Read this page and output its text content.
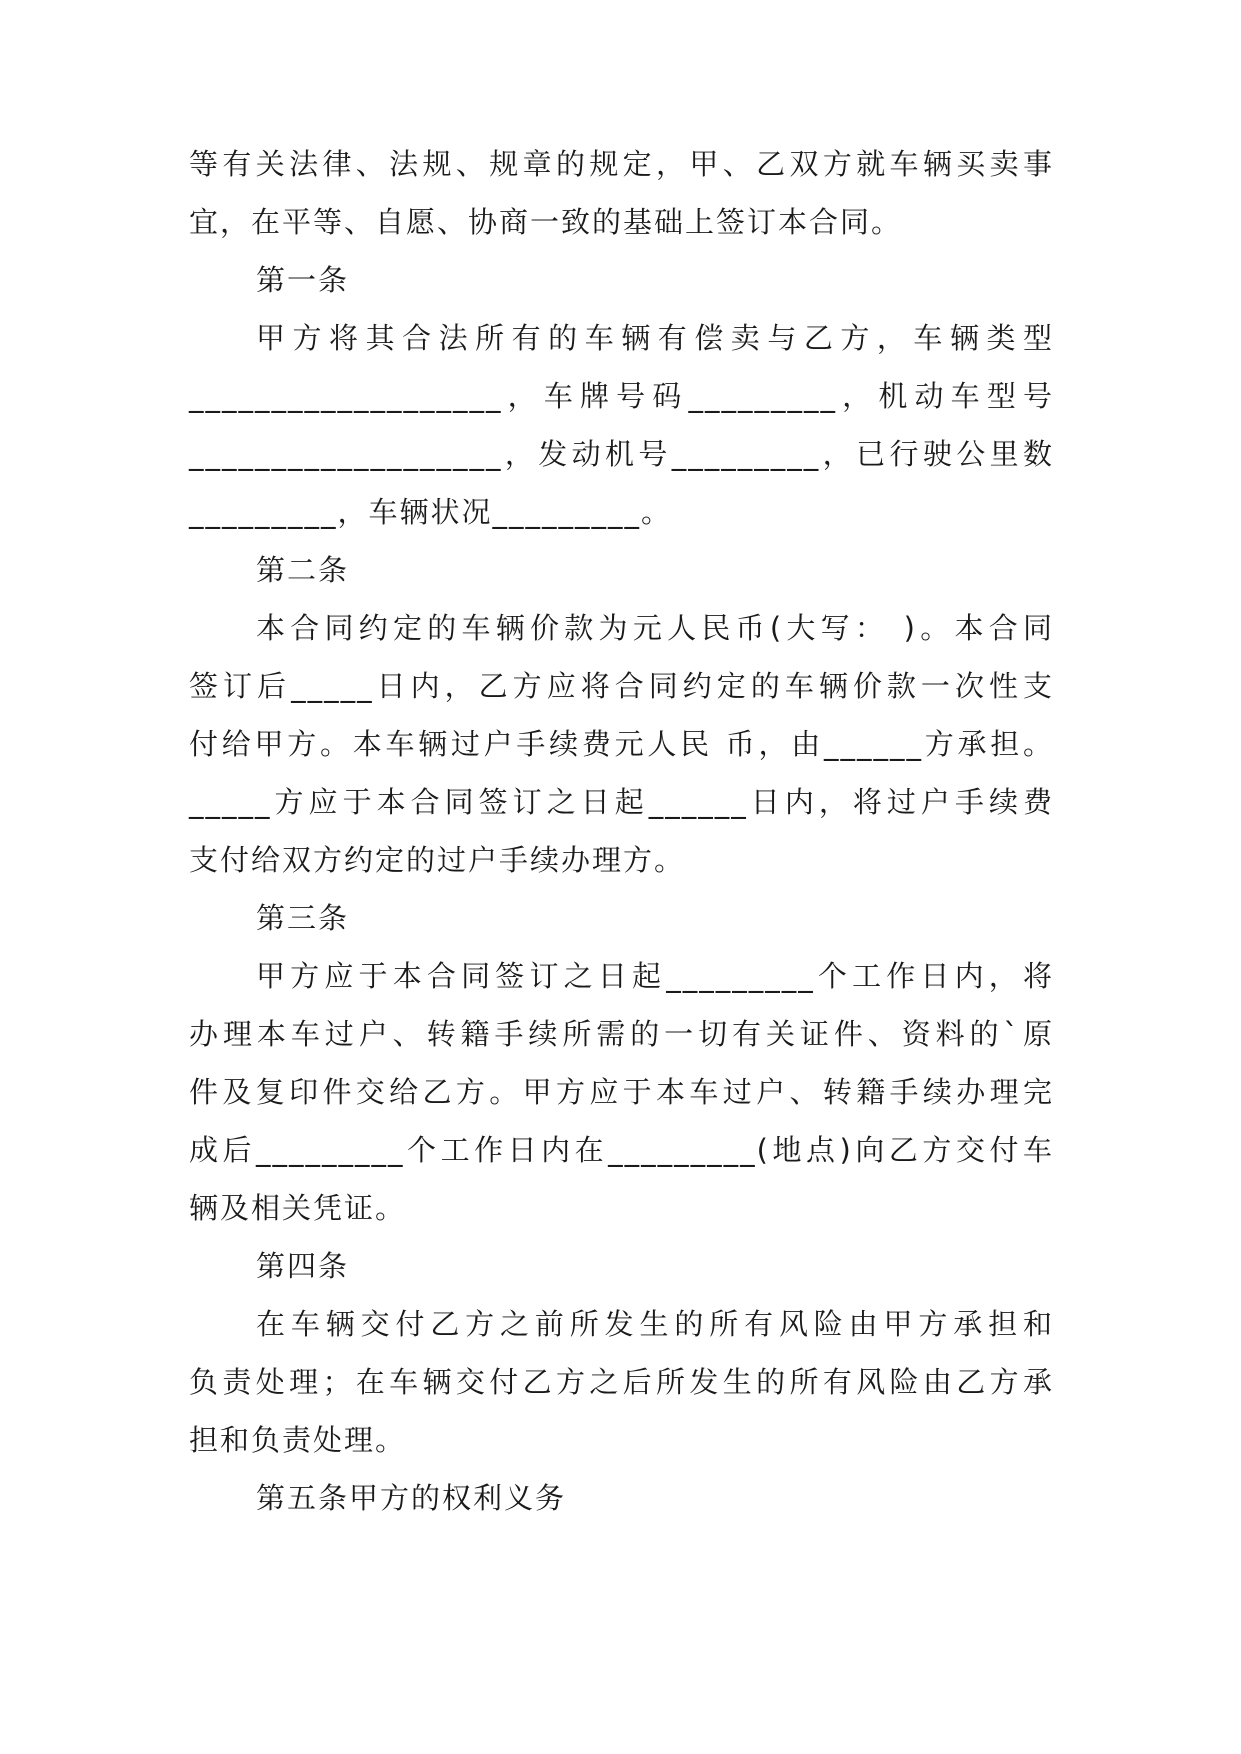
等有关法律、法规、规章的规定，甲、乙双方就车辆买卖事
宜，在平等、自愿、协商一致的基础上签订本合同。
第一条
甲方将其合法所有的车辆有偿卖与乙方，车辆类型
___________________，车牌号码_________，机动车型号
___________________，发动机号_________，已行驶公里数
_________，车辆状况_________。
第二条
本合同约定的车辆价款为元人民币(大写： )。本合同
签订后_____日内，乙方应将合同约定的车辆价款一次性支
付给甲方。本车辆过户手续费元人民 币，由______方承担。
_____方应于本合同签订之日起______日内，将过户手续费
支付给双方约定的过户手续办理方。
第三条
甲方应于本合同签订之日起_________个工作日内，将
办理本车过户、转籍手续所需的一切有关证件、资料的`原
件及复印件交给乙方。甲方应于本车过户、转籍手续办理完
成后_________个工作日内在_________(地点)向乙方交付车
辆及相关凭证。
第四条
在车辆交付乙方之前所发生的所有风险由甲方承担和
负责处理；在车辆交付乙方之后所发生的所有风险由乙方承
担和负责处理。
第五条甲方的权利义务
